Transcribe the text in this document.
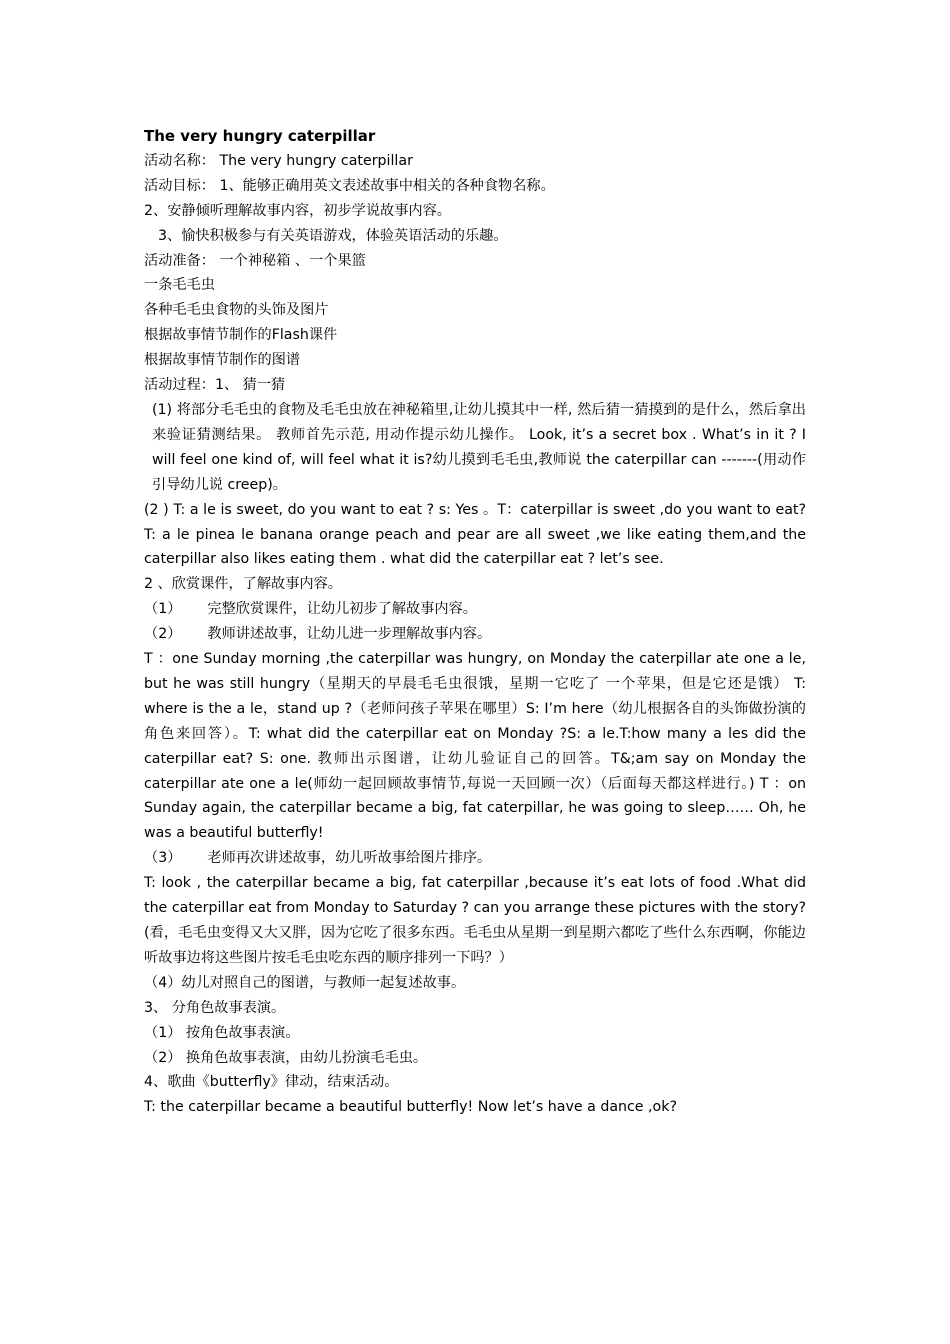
The very hungry caterpillar
活动名称： The very hungry caterpillar
活动目标： 1、能够正确用英文表述故事中相关的各种食物名称。
2、安静倾听理解故事内容，初步学说故事内容。
3、愉快积极参与有关英语游戏，体验英语活动的乐趣。
活动准备： 一个神秘箱 、一个果篮
一条毛毛虫
各种毛毛虫食物的头饰及图片
根据故事情节制作的Flash课件
根据故事情节制作的图谱
活动过程：1、 猜一猜
(1) 将部分毛毛虫的食物及毛毛虫放在神秘箱里,让幼儿摸其中一样, 然后猜一猜摸到的是什么，然后拿出来验证猜测结果。 教师首先示范, 用动作提示幼儿操作。 Look, it’s a secret box . What’s in it ? I will feel one kind of, will feel what it is?幼儿摸到毛毛虫,教师说 the caterpillar can -------(用动作引导幼儿说 creep)。
(2 ) T: a le is sweet, do you want to eat ? s: Yes 。T：caterpillar is sweet ,do you want to eat? T: a le pinea le banana orange peach and pear are all sweet ,we like eating them,and the caterpillar also likes eating them . what did the caterpillar eat ? let’s see.
2 、欣赏课件，了解故事内容。
（1） 完整欣赏课件，让幼儿初步了解故事内容。
（2） 教师讲述故事，让幼儿进一步理解故事内容。
T ：one Sunday morning ,the caterpillar was hungry, on Monday the caterpillar ate one a le, but he was still hungry（星期天的早晨毛毛虫很饿，星期一它吃了 一个苹果，但是它还是饿） T: where is the a le，stand up ?（老师问孩子苹果在哪里）S: I’m here（幼儿根据各自的头饰做扮演的角色来回答）。T: what did the caterpillar eat on Monday ?S: a le.T:how many a les did the caterpillar eat? S: one. 教师出示图谱，让幼儿验证自己的回答。T&;am say on Monday the caterpillar ate one a le(师幼一起回顾故事情节,每说一天回顾一次）（后面每天都这样进行。) T ：on Sunday again, the caterpillar became a big, fat caterpillar, he was going to sleep…… Oh, he was a beautiful butterfly!
（3） 老师再次讲述故事，幼儿听故事给图片排序。
T: look , the caterpillar became a big, fat caterpillar ,because it’s eat lots of food .What did the caterpillar eat from Monday to Saturday ? can you arrange these pictures with the story?(看，毛毛虫变得又大又胖，因为它吃了很多东西。毛毛虫从星期一到星期六都吃了些什么东西啊，你能边听故事边将这些图片按毛毛虫吃东西的顺序排列一下吗？）
（4）幼儿对照自己的图谱，与教师一起复述故事。
3、 分角色故事表演。
（1） 按角色故事表演。
（2） 换角色故事表演，由幼儿扮演毛毛虫。
4、歌曲《butterfly》律动，结束活动。
T: the caterpillar became a beautiful butterfly! Now let’s have a dance ,ok?
